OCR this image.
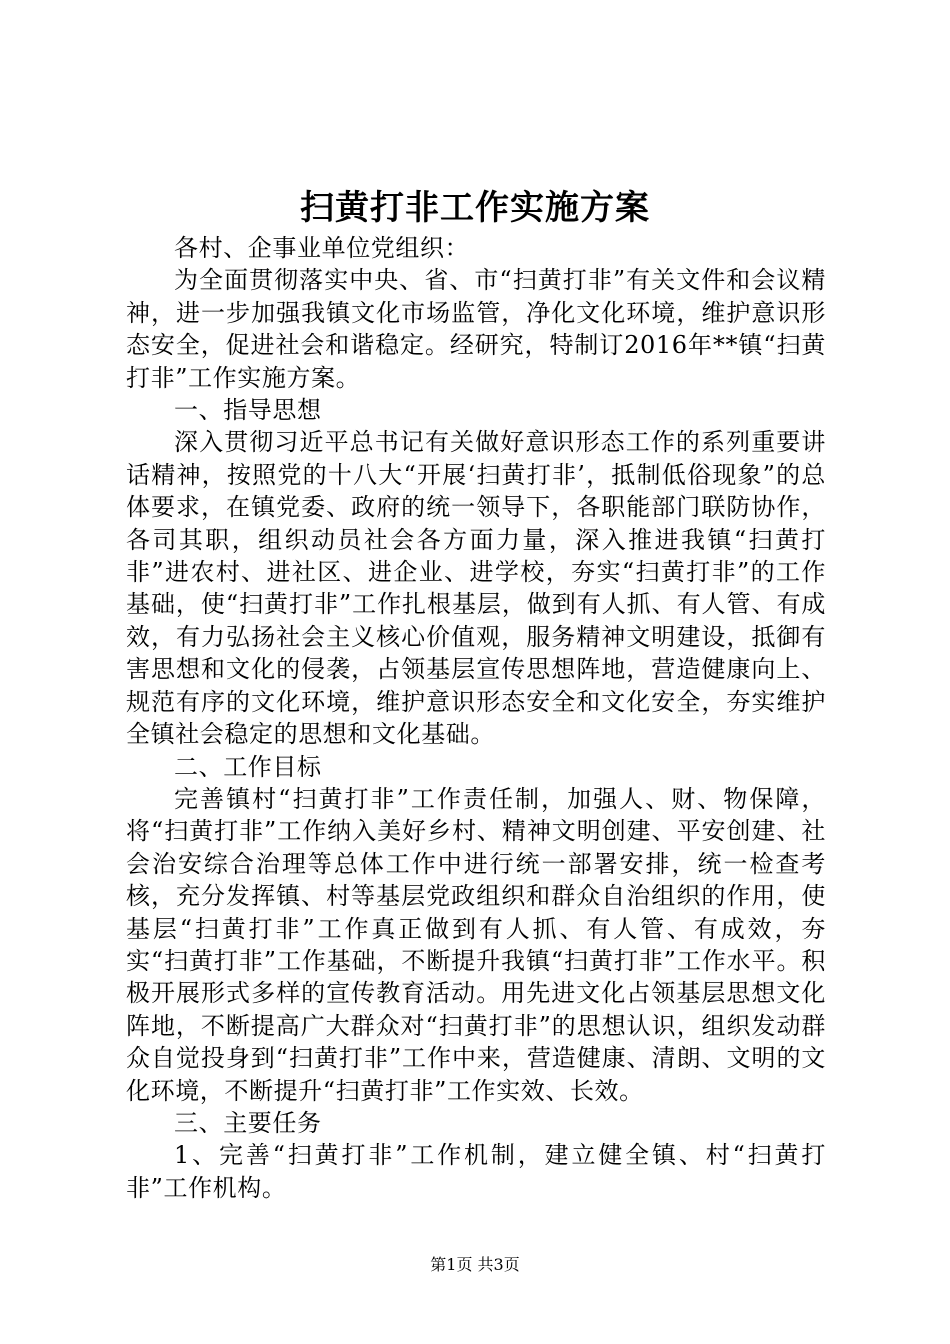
扫黄打非工作实施方案

各村、企事业单位党组织：

为全面贯彻落实中央、省、市“扫黄打非”有关文件和会议精神，进一步加强我镇文化市场监管，净化文化环境，维护意识形态安全，促进社会和谐稳定。经研究，特制订2016年**镇“扫黄打非”工作实施方案。

一、指导思想

深入贯彻习近平总书记有关做好意识形态工作的系列重要讲话精神，按照党的十八大“开展‘扫黄打非’，抵制低俗现象”的总体要求，在镇党委、政府的统一领导下，各职能部门联防协作，各司其职，组织动员社会各方面力量，深入推进我镇“扫黄打非”进农村、进社区、进企业、进学校，夯实“扫黄打非”的工作基础，使“扫黄打非”工作扎根基层，做到有人抓、有人管、有成效，有力弘扬社会主义核心价值观，服务精神文明建设，抵御有害思想和文化的侵袭，占领基层宣传思想阵地，营造健康向上、规范有序的文化环境，维护意识形态安全和文化安全，夯实维护全镇社会稳定的思想和文化基础。

二、工作目标

完善镇村“扫黄打非”工作责任制，加强人、财、物保障，将“扫黄打非”工作纳入美好乡村、精神文明创建、平安创建、社会治安综合治理等总体工作中进行统一部署安排，统一检查考核，充分发挥镇、村等基层党政组织和群众自治组织的作用，使基层“扫黄打非”工作真正做到有人抓、有人管、有成效，夯实“扫黄打非”工作基础，不断提升我镇“扫黄打非”工作水平。积极开展形式多样的宣传教育活动。用先进文化占领基层思想文化阵地，不断提高广大群众对“扫黄打非”的思想认识，组织发动群众自觉投身到“扫黄打非”工作中来，营造健康、清朗、文明的文化环境，不断提升“扫黄打非”工作实效、长效。

三、主要任务

1、完善“扫黄打非”工作机制，建立健全镇、村“扫黄打非”工作机构。

第1页 共3页
